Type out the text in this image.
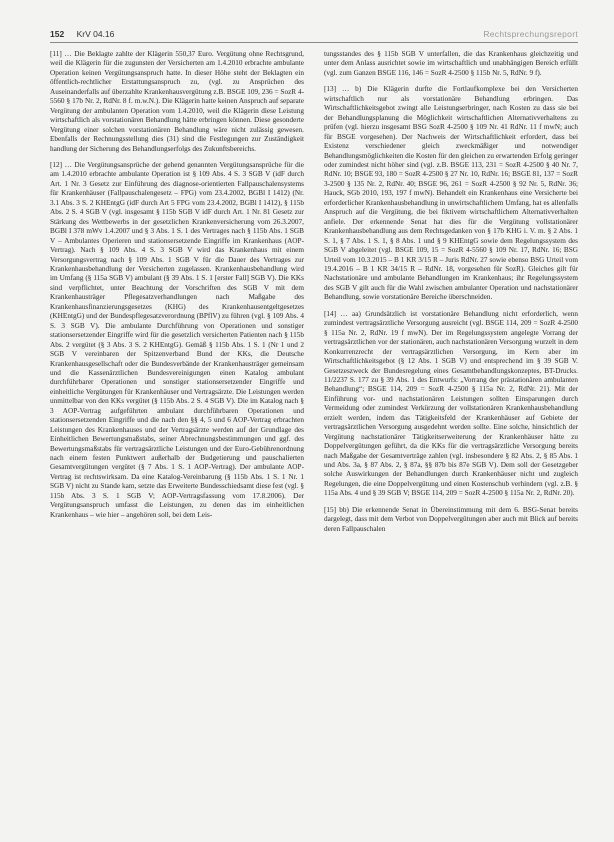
152 KrV 04.16	Rechtsprechungsreport

[11] … Die Beklagte zahlte der Klägerin 550,37 Euro. Vergütung ohne Rechtsgrund, weil die Klägerin für die zugunsten der Versicherten am 1.4.2010 erbrachte ambulante Operation keinen Vergütungsanspruch hatte. In dieser Höhe steht der Beklagten ein öffentlich-rechtlicher Erstattungsanspruch zu, (vgl. zu Ansprüchen des Auseinanderfalls auf überzahlte Krankenhausvergütung z.B. BSGE 109, 236 = SozR 4-5560 § 17b Nr. 2, RdNr. 8 f. m.w.N.). Die Klägerin hatte keinen Anspruch auf separate Vergütung der ambulanten Operation vom 1.4.2010, weil die Klägerin diese Leistung wirtschaftlich als vorstationären Behandlung hätte erbringen können. Diese gesonderte Vergütung einer solchen vorstationären Behandlung wäre nicht zulässig gewesen. Ebenfalls der Rechnungsstellung dies (31) sind die Festlegungen zur Zuständigkeit handlung der Sicherung des Behandlungserfolgs des Zukunftsbereichs.

[12] … Die Vergütungsansprüche der gehend genannten Vergütungsansprüche für die am 1.4.2010 erbrachte ambulante Operation ist § 109 Abs. 4 S. 3 SGB V (idF durch Art. 1 Nr. 3 Gesetz zur Einführung des diagnose-orientierten Fallpauschalensystems für Krankenhäuser (Fallpauschalengesetz – FPG) vom 23.4.2002, BGBl I 1412) (Nr. 3.1 Abs. 3 S. 2 KHEntgG (idF durch Art 5 FPG vom 23.4.2002, BGBl I 1412), § 115b Abs. 2 S. 4 SGB V (vgl. insgesamt § 115b SGB V idF durch Art. 1 Nr. 81 Gesetz zur Stärkung des Wettbewerbs in der gesetzlichen Krankenversicherung vom 26.3.2007, BGBl I 378 mWv 1.4.2007 und § 3 Abs. 1 S. 1 des Vertrages nach § 115b Abs. 1 SGB V – Ambulantes Operieren und stationsersetzende Eingriffe im Krankenhaus (AOP-Vertrag). Nach § 109 Abs. 4 S. 3 SGB V wird das Krankenhaus mit einem Versorgungsvertrag nach § 109 Abs. 1 SGB V für die Dauer des Vertrages zur Krankenhausbehandlung der Versicherten zugelassen. Krankenhausbehandlung wird im Umfang (§ 115a SGB V) ambulant (§ 39 Abs. 1 S. 1 [erster Fall] SGB V). Die KKs sind verpflichtet, unter Beachtung der Vorschriften des SGB V mit dem Krankenhausträger Pflegesatzverhandlungen nach Maßgabe des Krankenhausfinanzierungsgesetzes (KHG) des Krankenhausentgeltgesetzes (KHEntgG) und der Bundespflegesatzverordnung (BPflV) zu führen (vgl. § 109 Abs. 4 S. 3 SGB V). Die ambulante Durchführung von Operationen und sonstiger stationsersetzender Eingriffe wird für die gesetzlich versicherten Patienten nach § 115b Abs. 2 vergütet (§ 3 Abs. 3 S. 2 KHEntgG). Gemäß § 115b Abs. 1 S. 1 (Nr 1 und 2 SGB V vereinbaren der Spitzenverband Bund der KKs, die Deutsche Krankenhausgesellschaft oder die Bundesverbände der Krankenhausträger gemeinsam und die Kassenärztlichen Bundesvereinigungen einen Katalog ambulant durchführbarer Operationen und sonstiger stationsersetzender Eingriffe und einheitliche Vergütungen für Krankenhäuser und Vertragsärzte. Die Leistungen werden unmittelbar von den KKs vergütet (§ 115b Abs. 2 S. 4 SGB V). Die im Katalog nach § 3 AOP-Vertrag aufgeführten ambulant durchführbaren Operationen und stationsersetzenden Eingriffe und die nach den §§ 4, 5 und 6 AOP-Vertrag erbrachten Leistungen des Krankenhauses und der Vertragsärzte werden auf der Grundlage des Einheitlichen Bewertungsmaßstabs, seiner Abrechnungsbestimmungen und ggf. des Bewertungsmaßstabs für vertragsärztliche Leistungen und der Euro-Gebührenordnung nach einem festen Punktwert außerhalb der Budgetierung und pauschalierten Gesamtvergütungen vergütet (§ 7 Abs. 1 S. 1 AOP-Vertrag). Der ambulante AOP-Vertrag ist rechtswirksam. Da eine Katalog-Vereinbarung (§ 115b Abs. 1 S. 1 Nr. 1 SGB V) nicht zu Stande kam, setzte das Erweiterte Bundesschiedsamt diese fest (vgl. § 115b Abs. 3 S. 1 SGB V; AOP-Vertragsfassung vom 17.8.2006). Der Vergütungsanspruch umfasst die Leistungen, zu denen das im einheitlichen Krankenhaus – wie hier – angehören soll, bei dem Leis-

tungsstandes des § 115b SGB V unterfallen, die das Krankenhaus gleichzeitig und unter dem Anlass ausrichtet sowie im wirtschaftlich und unabhängigen Bereich erfüllt (vgl. zum Ganzen BSGE 116, 146 = SozR 4-2500 § 115b Nr. 5, RdNr. 9 f).

[13] … b) Die Klägerin durfte die Fortlaufkomplexe bei den Versicherten wirtschaftlich nur als vorstationäre Behandlung erbringen. Das Wirtschaftlichkeitsgebot zwingt alle Leistungserbringer, nach Kosten zu dass sie bei der Behandlungsplanung die Möglichkeit wirtschaftlichen Alternativverhaltens zu prüfen (vgl. hierzu insgesamt BSG SozR 4-2500 § 109 Nr. 41 RdNr. 11 f mwN; auch für BSGE vorgesehen). Der Nachweis der Wirtschaftlichkeit erfordert, dass bei Existenz verschiedener gleich zweckmäßiger und notwendiger Behandlungsmöglichkeiten die Kosten für den gleichen zu erwartenden Erfolg geringer oder zumindest nicht höher sind (vgl. z.B. BSGE 113, 231 = SozR 4-2500 § 40 Nr. 7, RdNr. 10; BSGE 93, 180 = SozR 4-2500 § 27 Nr. 10, RdNr. 16; BSGE 81, 137 = SozR 3-2500 § 135 Nr. 2, RdNr. 40; BSGE 96, 261 = SozR 4-2500 § 92 Nr. 5, RdNr. 36; Hauck, SGb 2010, 193, 197 f mwN). Behandelt ein Krankenhaus eine Versicherte bei erforderlicher Krankenhausbehandlung in unwirtschaftlichem Umfang, hat es allenfalls Anspruch auf die Vergütung, die bei fiktivem wirtschaftlichem Alternativverhalten anfiele. Der erkennende Senat hat dies für die Vergütung vollstationärer Krankenhausbehandlung aus dem Rechtsgedanken von § 17b KHG i. V. m. § 2 Abs. 1 S. 1, § 7 Abs. 1 S. 1, § 8 Abs. 1 und § 9 KHEntgG sowie dem Regelungssystem des SGB V abgeleitet (vgl. BSGE 109, 15 = SozR 4-5560 § 109 Nr. 17, RdNr. 16; BSG Urteil vom 10.3.2015 – B 1 KR 3/15 R – Juris RdNr. 27 sowie ebenso BSG Urteil vom 19.4.2016 – B 1 KR 34/15 R – RdNr. 18, vorgesehen für SozR). Gleiches gilt für Nachstationäre und ambulante Behandlungen im Krankenhaus; ihr Regelungssystem des SGB V gilt auch für die Wahl zwischen ambulanter Operation und nachstationärer Behandlung, sowie vorstationäre Bereiche überschneiden.

[14] … aa) Grundsätzlich ist vorstationäre Behandlung nicht erforderlich, wenn zumindest vertragsärztliche Versorgung ausreicht (vgl. BSGE 114, 209 = SozR 4-2500 § 115a Nr. 2, RdNr. 19 f mwN). Der im Regelungssystem angelegte Vorrang der vertragsärztlichen vor der stationären, auch nachstationären Versorgung wurzelt in dem Konkurrenzrecht der vertragsärztlichen Versorgung, im Kern aber im Wirtschaftlichkeitsgebot (§ 12 Abs. 1 SGB V) und entsprechend im § 39 SGB V. Gesetzeszweck der Bundesregelung eines Gesamtbehandlungskonzeptes, BT-Drucks. 11/2237 S. 177 zu § 39 Abs. 1 des Entwurfs: „Vorrang der prästationären ambulanten Behandlung“; BSGE 114, 209 = SozR 4-2500 § 115a Nr. 2, RdNr. 21). Mit der Einführung vor- und nachstationären Leistungen sollten Einsparungen durch Vermeidung oder zumindest Verkürzung der vollstationären Krankenhausbehandlung erzielt werden, indem das Tätigkeitsfeld der Krankenhäuser auf Gebiete der vertragsärztlichen Versorgung ausgedehnt werden sollte. Eine solche, hinsichtlich der Vergütung nachstationärer Tätigkeitserweiterung der Krankenhäuser hätte zu Doppelvergütungen geführt, da die KKs für die vertragsärztliche Versorgung bereits nach Maßgabe der Gesamtverträge zahlen (vgl. insbesondere § 82 Abs. 2, § 85 Abs. 1 und Abs. 3a, § 87 Abs. 2, § 87a, §§ 87b bis 87e SGB V). Dem soll der Gesetzgeber solche Auswirkungen der Behandlungen durch Krankenhäuser nicht und zugleich Regelungen, die eine Doppelvergütung und einen Kostenschub verhindern (vgl. z.B. § 115a Abs. 4 und § 39 SGB V; BSGE 114, 209 = SozR 4-2500 § 115a Nr. 2, RdNr. 20).

[15] bb) Die erkennende Senat in Übereinstimmung mit dem 6. BSG-Senat bereits dargelegt, dass mit dem Verbot von Doppelvergütungen aber auch mit Blick auf bereits deren Fallpauschalen
